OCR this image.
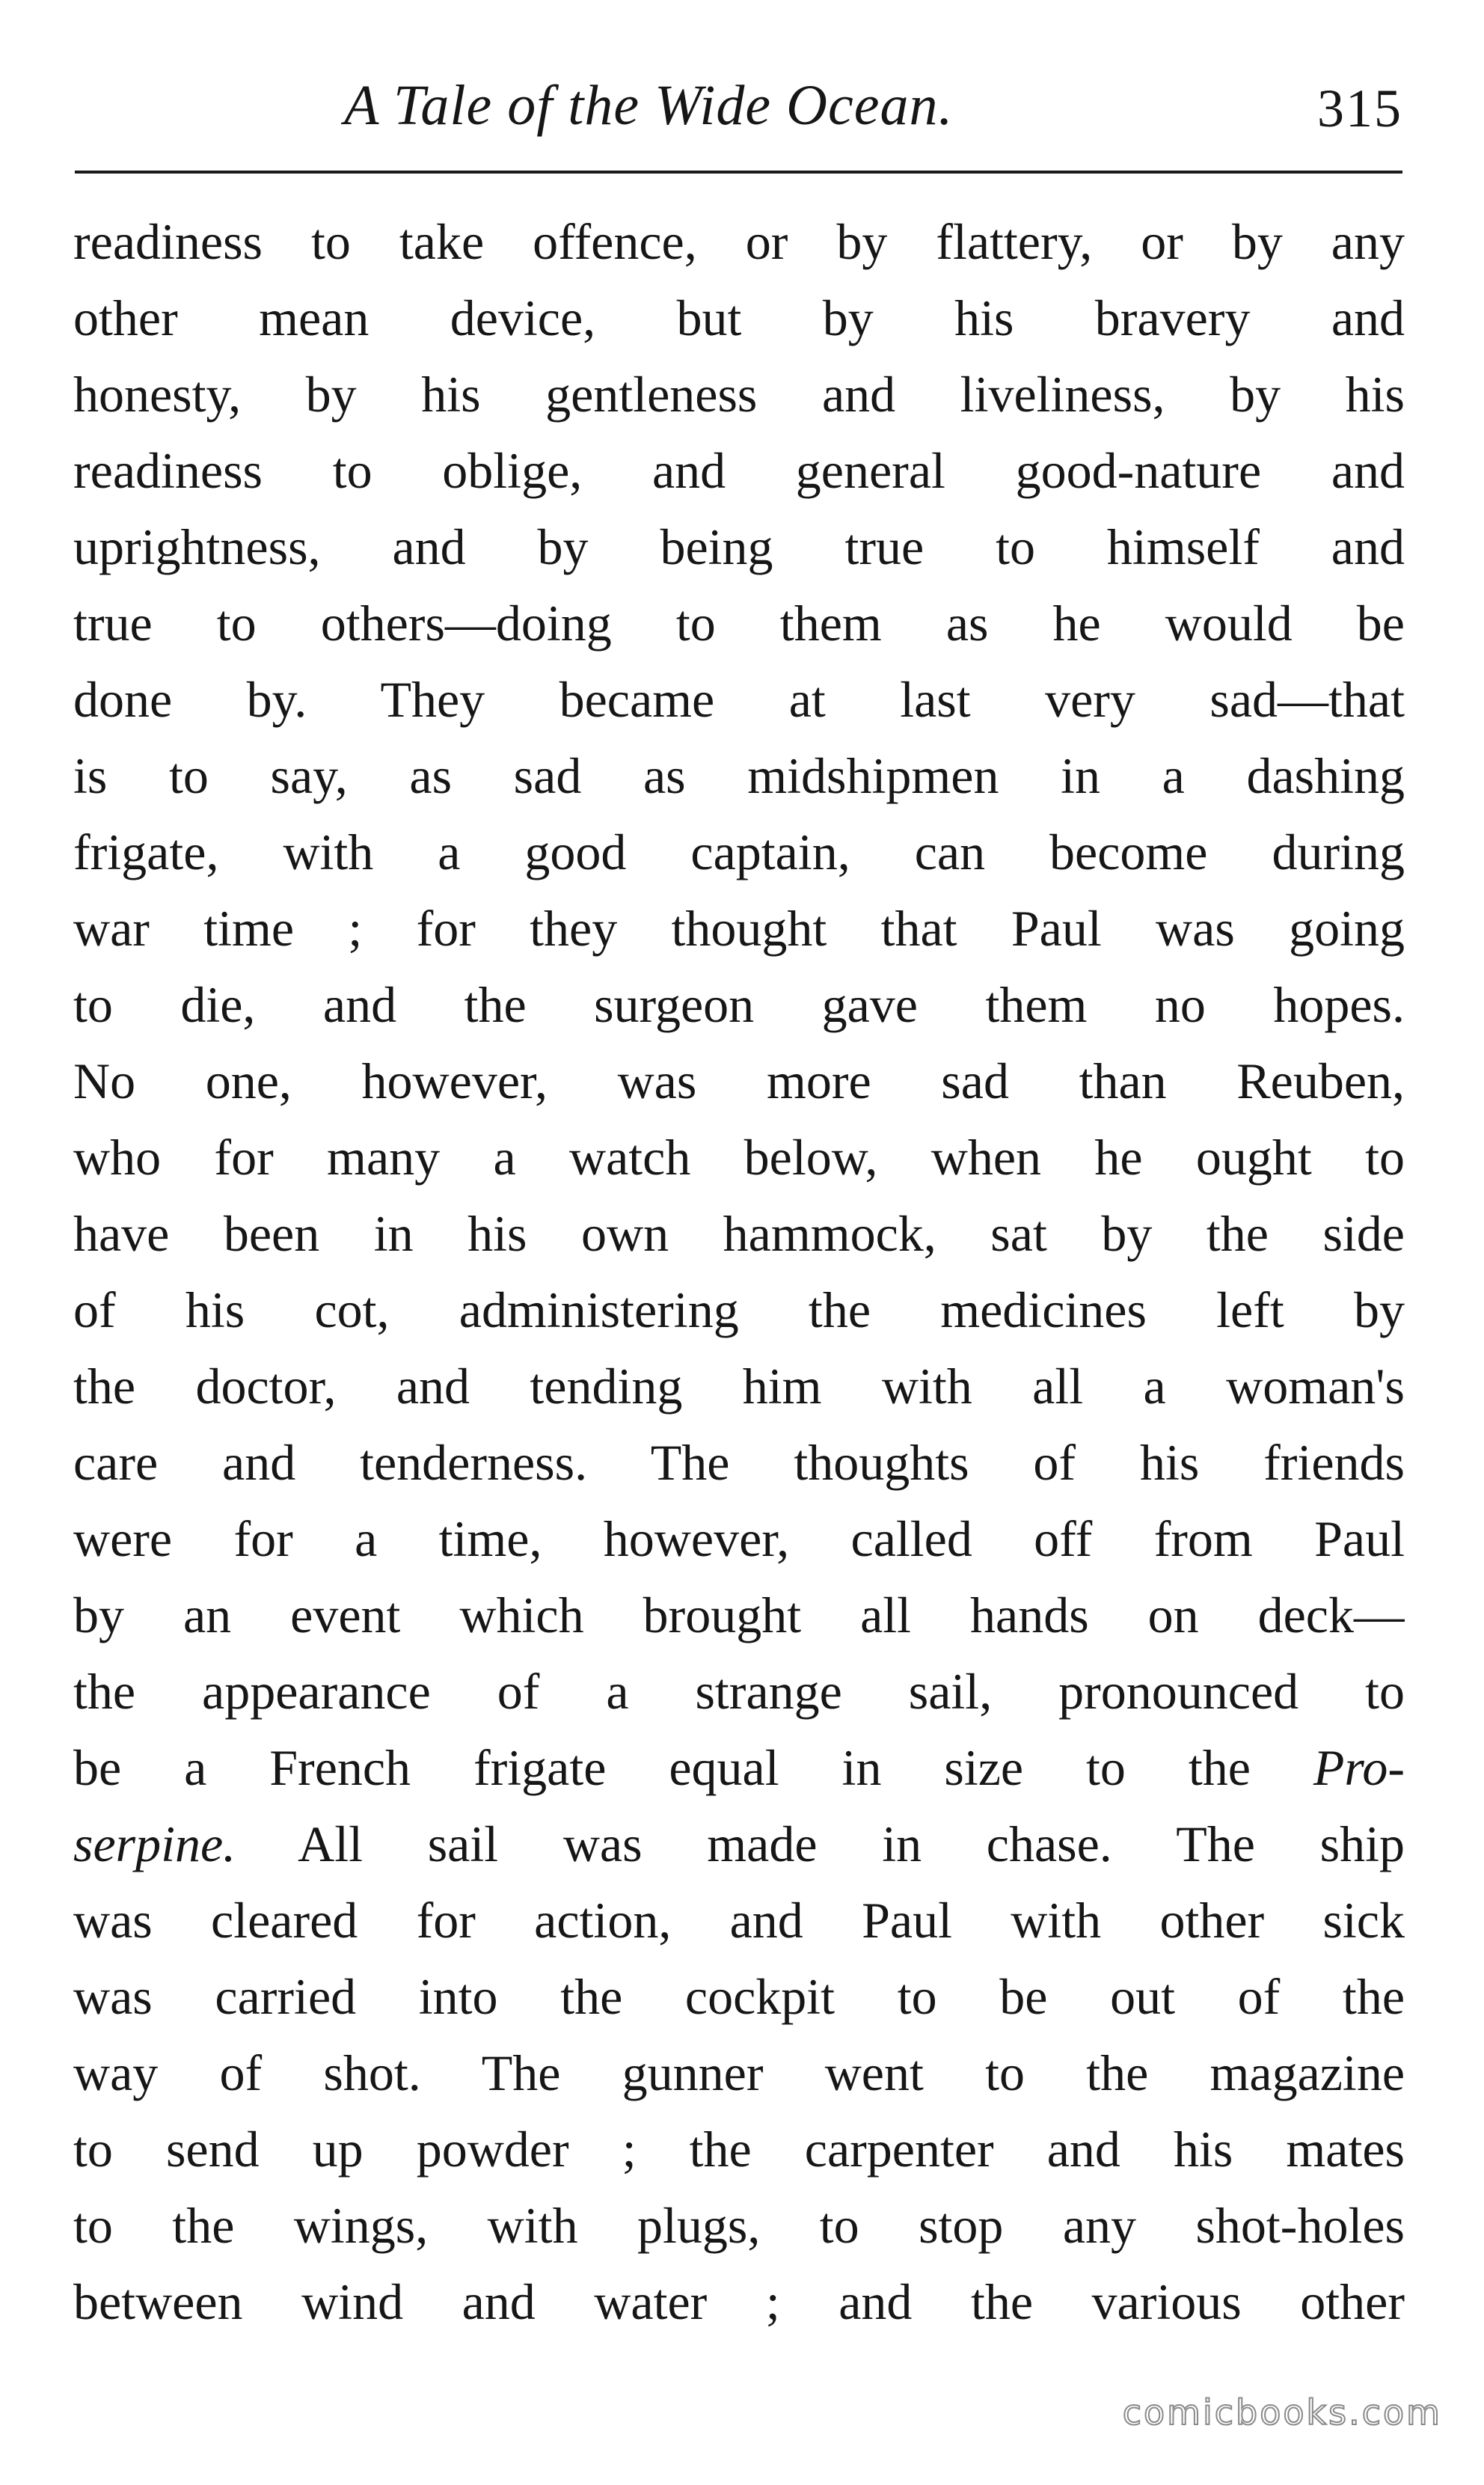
A Tale of the Wide Ocean.	315
readiness to take offence, or by flattery, or by any
other mean device, but by his bravery and
honesty, by his gentleness and liveliness, by his
readiness to oblige, and general good-nature and
uprightness, and by being true to himself and
true to others—doing to them as he would be
done by. They became at last very sad—that
is to say, as sad as midshipmen in a dashing
frigate, with a good captain, can become during
war time ; for they thought that Paul was going
to die, and the surgeon gave them no hopes.
No one, however, was more sad than Reuben,
who for many a watch below, when he ought to
have been in his own hammock, sat by the side
of his cot, administering the medicines left by
the doctor, and tending him with all a woman's
care and tenderness. The thoughts of his friends
were for a time, however, called off from Paul
by an event which brought all hands on deck—
the appearance of a strange sail, pronounced to
be a French frigate equal in size to the Pro-
serpine. All sail was made in chase. The ship
was cleared for action, and Paul with other sick
was carried into the cockpit to be out of the
way of shot. The gunner went to the magazine
to send up powder ; the carpenter and his mates
to the wings, with plugs, to stop any shot-holes
between wind and water ; and the various other
comicbooks.com
